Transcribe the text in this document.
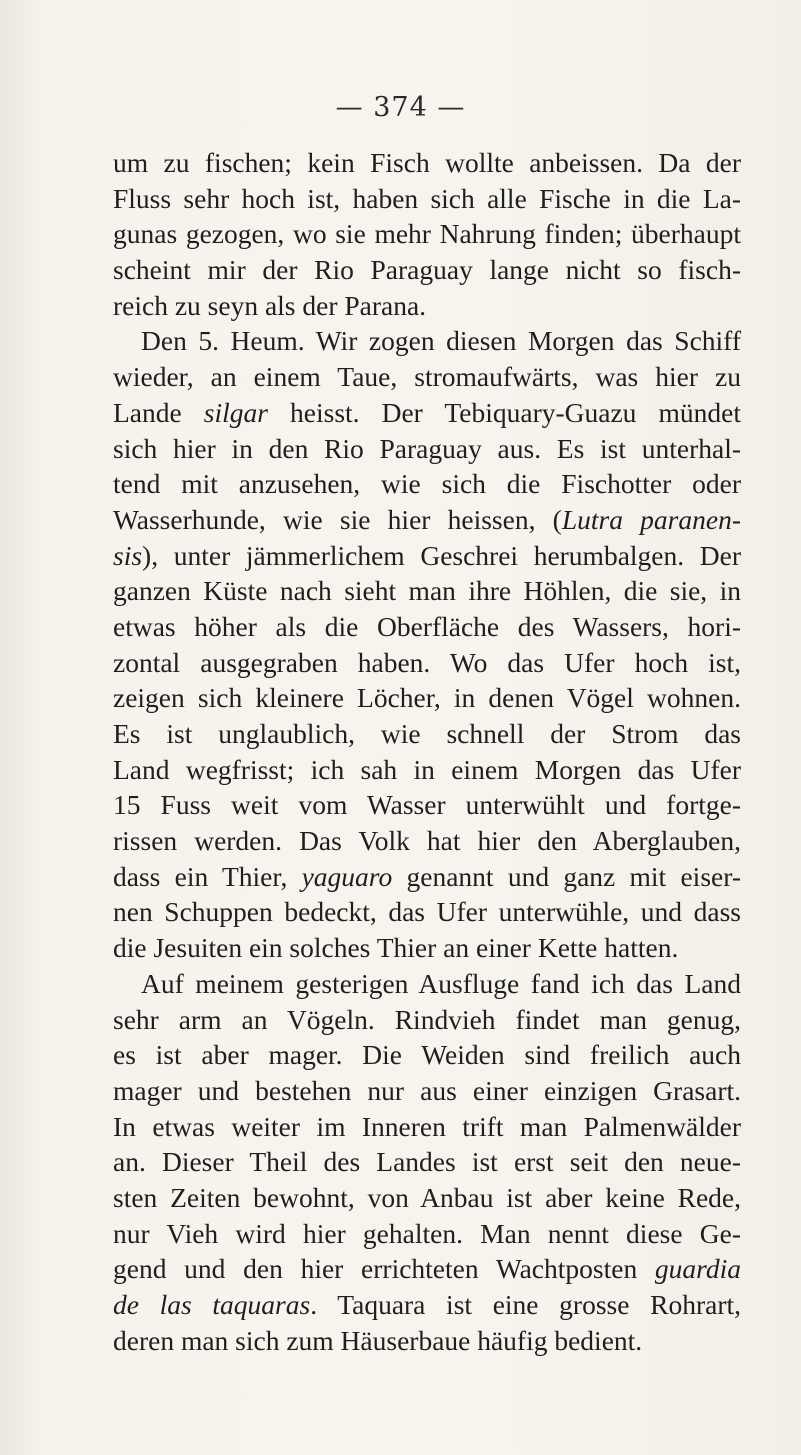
— 374 —
um zu fischen; kein Fisch wollte anbeissen. Da der
Fluss sehr hoch ist, haben sich alle Fische in die La-
gunas gezogen, wo sie mehr Nahrung finden; überhaupt
scheint mir der Rio Paraguay lange nicht so fisch-
reich zu seyn als der Parana.
Den 5. Heum. Wir zogen diesen Morgen das Schiff
wieder, an einem Taue, stromaufwärts, was hier zu
Lande silgar heisst. Der Tebiquary-Guazu mündet
sich hier in den Rio Paraguay aus. Es ist unterhal-
tend mit anzusehen, wie sich die Fischotter oder
Wasserhunde, wie sie hier heissen, (Lutra paranen-
sis), unter jämmerlichem Geschrei herumbalgen. Der
ganzen Küste nach sieht man ihre Höhlen, die sie, in
etwas höher als die Oberfläche des Wassers, hori-
zontal ausgegraben haben. Wo das Ufer hoch ist,
zeigen sich kleinere Löcher, in denen Vögel wohnen.
Es ist unglaublich, wie schnell der Strom das
Land wegfrisst; ich sah in einem Morgen das Ufer
15 Fuss weit vom Wasser unterwühlt und fortge-
rissen werden. Das Volk hat hier den Aberglauben,
dass ein Thier, yaguaro genannt und ganz mit eiser-
nen Schuppen bedeckt, das Ufer unterwühle, und dass
die Jesuiten ein solches Thier an einer Kette hatten.
Auf meinem gesterigen Ausfluge fand ich das Land
sehr arm an Vögeln. Rindvieh findet man genug,
es ist aber mager. Die Weiden sind freilich auch
mager und bestehen nur aus einer einzigen Grasart.
In etwas weiter im Inneren trift man Palmenwälder
an. Dieser Theil des Landes ist erst seit den neue-
sten Zeiten bewohnt, von Anbau ist aber keine Rede,
nur Vieh wird hier gehalten. Man nennt diese Ge-
gend und den hier errichteten Wachtposten guardia
de las taquaras. Taquara ist eine grosse Rohrart,
deren man sich zum Häuserbaue häufig bedient.
